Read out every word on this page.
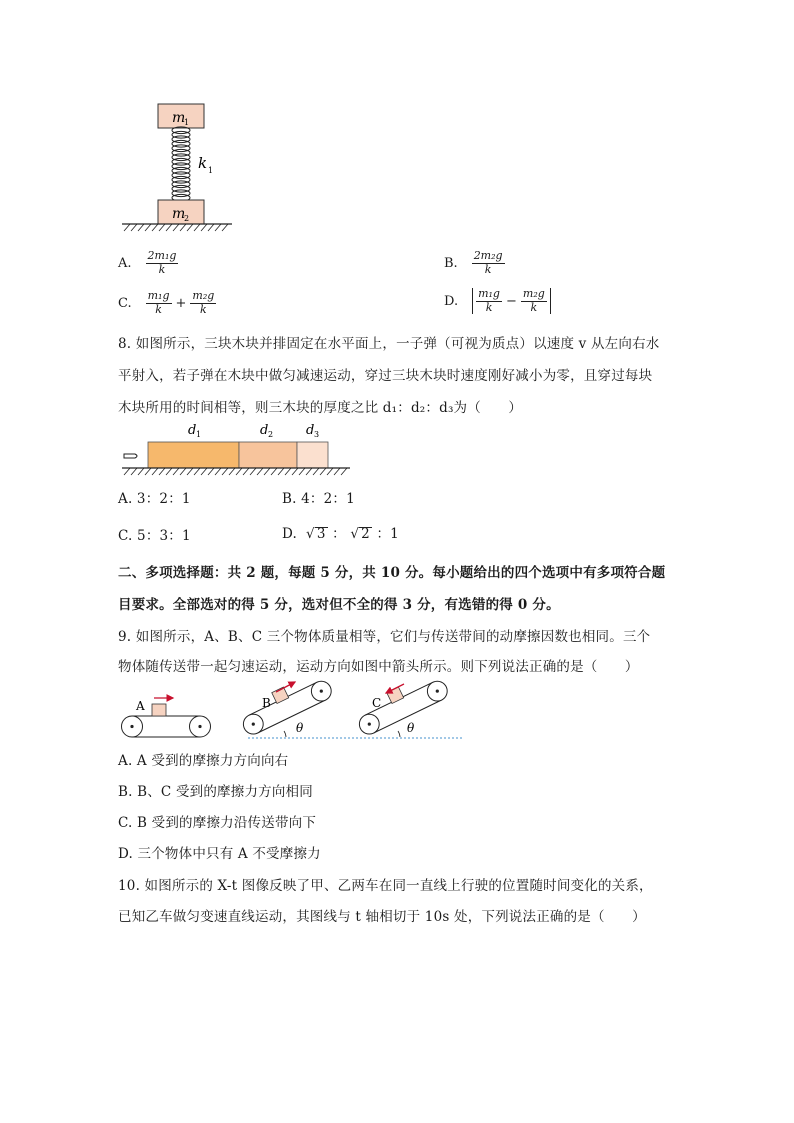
m
1
k 1
m
2
A. $\frac{\text{2m₁g}}{k}$	B. $\frac{\text{2m₂g}}{k}$
C. $\frac{\text{m₁g}}{k} + \frac{\text{m₂g}}{k}$	D. $\frac{\text{m₁g}}{k} - \frac{\text{m₂g}}{k}$
8. 如图所示，三块木块并排固定在水平面上，一子弹（可视为质点）以速度 v 从左向右水
平射入，若子弹在木块中做匀减速运动，穿过三块木块时速度刚好减小为零，且穿过每块
木块所用的时间相等，则三木块的厚度之比 d₁：d₂：d₃为（　　）
d 1	d 2	d 3
A. 3：2：1	B. 4：2：1
C. 5：3：1	D. √ 3 ： √ 2 ：1
二、多项选择题：共 2 题，每题 5 分，共 10 分。每小题给出的四个选项中有多项符合题
目要求。全部选对的得 5 分，选对但不全的得 3 分，有选错的得 0 分。
9. 如图所示，A、B、C 三个物体质量相等，它们与传送带间的动摩擦因数也相同。三个
物体随传送带一起匀速运动，运动方向如图中箭头所示。则下列说法正确的是（　　）
A	B
θ
C
θ
A. A 受到的摩擦力方向向右
B. B、C 受到的摩擦力方向相同
C. B 受到的摩擦力沿传送带向下
D. 三个物体中只有 A 不受摩擦力
10. 如图所示的 X-t 图像反映了甲、乙两车在同一直线上行驶的位置随时间变化的关系，
已知乙车做匀变速直线运动，其图线与 t 轴相切于 10s 处，下列说法正确的是（　　）
